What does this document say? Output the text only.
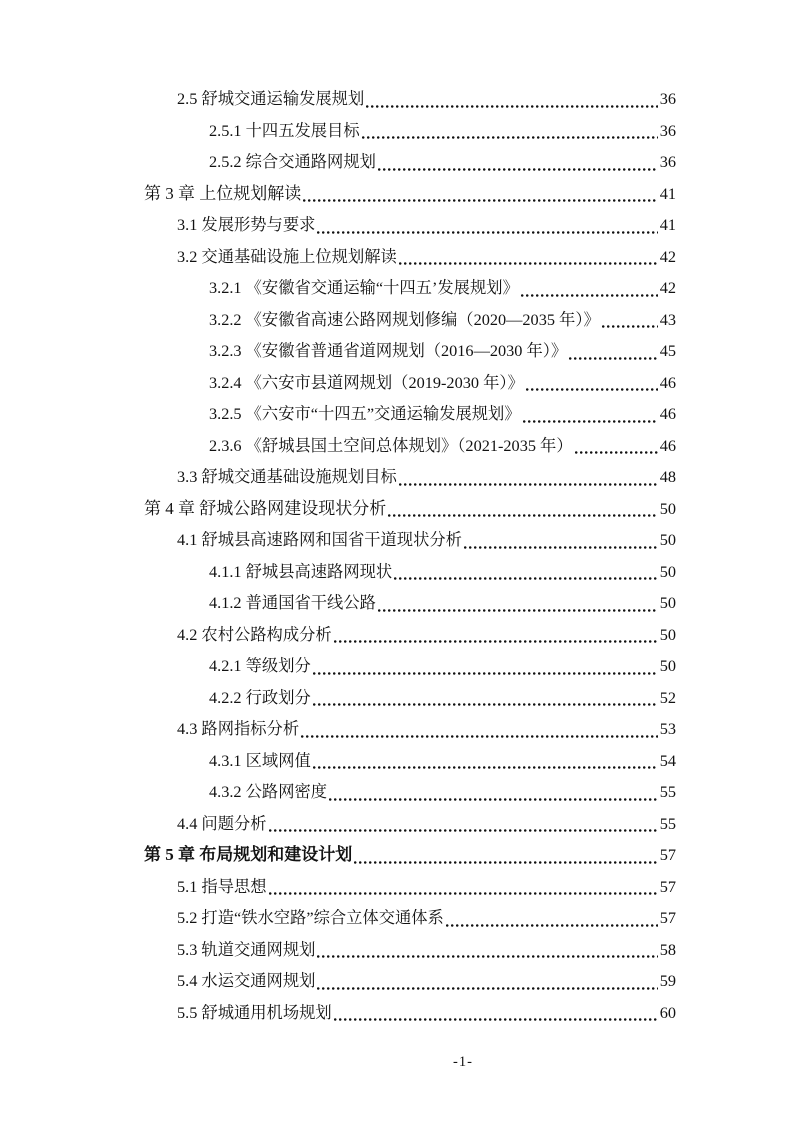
2.5 舒城交通运输发展规划	36
2.5.1 十四五发展目标	36
2.5.2 综合交通路网规划	36
第 3 章 上位规划解读	41
3.1 发展形势与要求	41
3.2 交通基础设施上位规划解读	42
3.2.1 《安徽省交通运输“十四五’发展规划》	42
3.2.2 《安徽省高速公路网规划修编（2020—2035 年）》	43
3.2.3 《安徽省普通省道网规划（2016—2030 年）》	45
3.2.4 《六安市县道网规划（2019-2030 年）》	46
3.2.5 《六安市“十四五”交通运输发展规划》	46
2.3.6 《舒城县国土空间总体规划》（2021-2035 年）	46
3.3 舒城交通基础设施规划目标	48
第 4 章 舒城公路网建设现状分析	50
4.1 舒城县高速路网和国省干道现状分析	50
4.1.1 舒城县高速路网现状	50
4.1.2 普通国省干线公路	50
4.2 农村公路构成分析	50
4.2.1 等级划分	50
4.2.2 行政划分	52
4.3 路网指标分析	53
4.3.1 区域网值	54
4.3.2 公路网密度	55
4.4 问题分析	55
第 5 章 布局规划和建设计划	57
5.1 指导思想	57
5.2 打造“铁水空路”综合立体交通体系	57
5.3 轨道交通网规划	58
5.4 水运交通网规划	59
5.5 舒城通用机场规划	60
-1-
